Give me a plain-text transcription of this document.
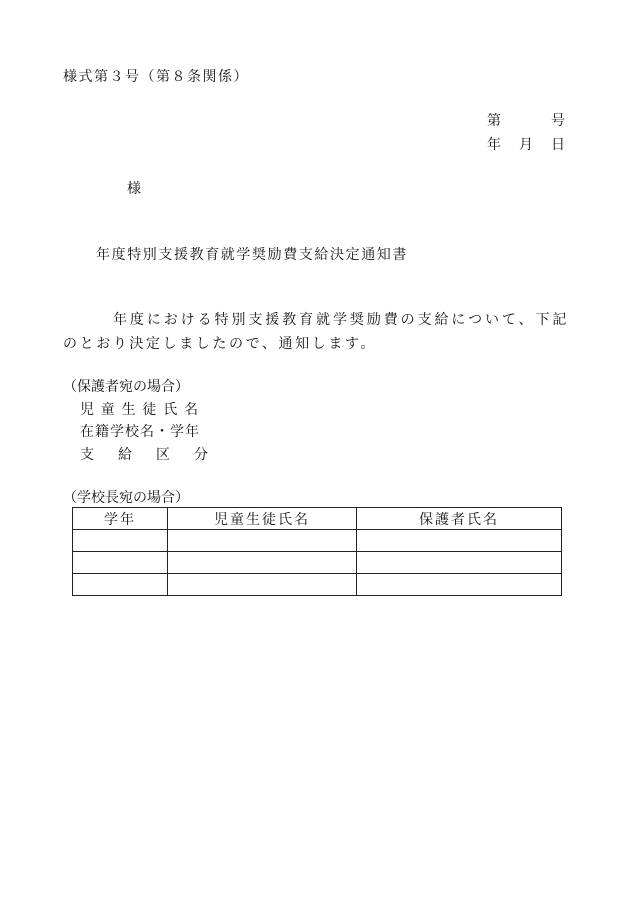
様式第３号（第８条関係）
第	号
年 月 日
様
年度特別支援教育就学奨励費支給決定通知書
年度における特別支援教育就学奨励費の支給について、下記のとおり決定しましたので、通知します。
（保護者宛の場合）
児 童 生 徒 氏 名
在籍学校名・学年
支 給 区 分
（学校長宛の場合）
学年	児童生徒氏名	保護者氏名
